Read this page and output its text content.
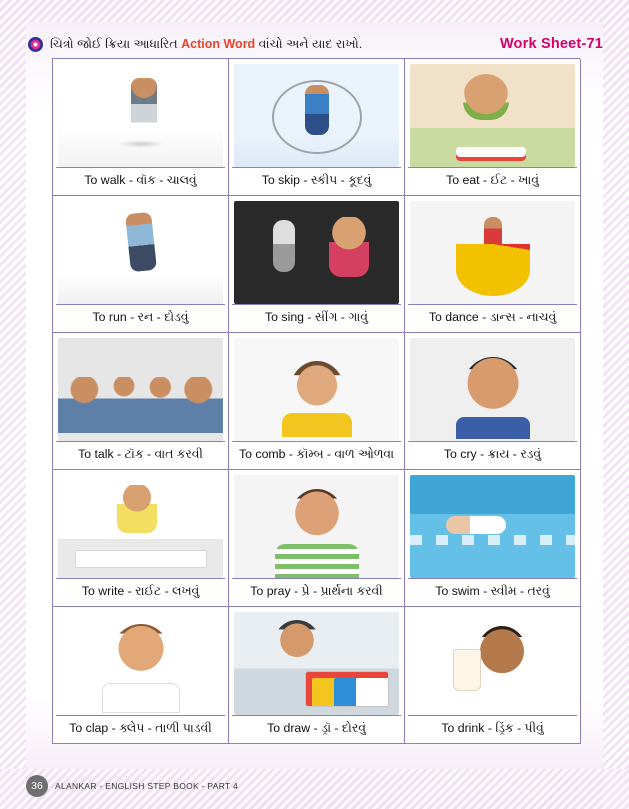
ચિત્રો જોઈ ક્રિયા આધારિત Action Word વાંચો અને યાદ રાખો.	Work Sheet-71
To walk - વૉક - ચાલવું	To skip - સ્કીપ - કૂદવું	To eat - ઈટ - ખાવું
To run - રન - દોડવું	To sing - સીંગ - ગાવું	To dance - ડાન્સ - નાચવું
To talk - ટૉક - વાત કરવી	To comb - કૉમ્બ - વાળ ઓળવા	To cry - ક્રાય - રડવું
To write - રાઈટ - લખવું	To pray - પ્રે - પ્રાર્થના કરવી	To swim - સ્વીમ - તરવું
To clap - ક્લેપ - તાળી પાડવી	To draw - ડ્રૉ - દોરવું	To drink - ડ્રિંક - પીવું
36	ALANKAR - ENGLISH STEP BOOK - PART 4
